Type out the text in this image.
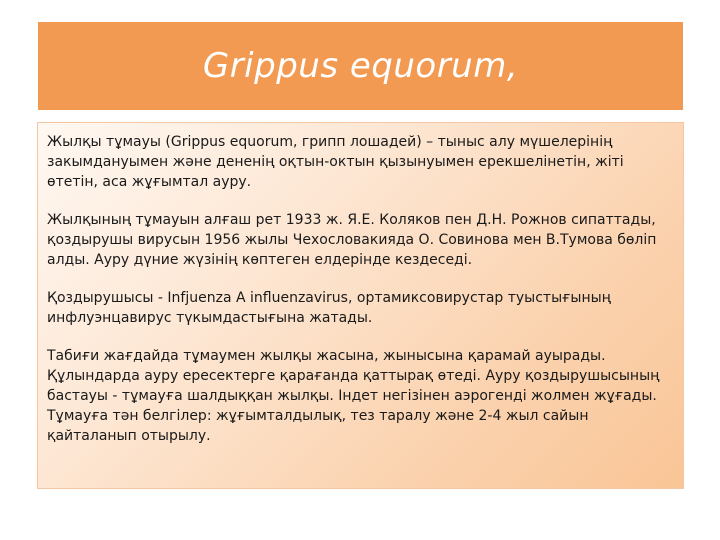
Grippus equorum,

Жылқы тұмауы (Grippus equorum, грипп лошадей) – тыныс алу мүшелерінің закымдануымен және дененің оқтын-октын қызынуымен ерекшелінетін, жіті өтетін, аса жұғымтал ауру.

Жылқының тұмауын алғаш рет 1933 ж. Я.Е. Коляков пен Д.Н. Рожнов сипаттады, қоздырушы вирусын 1956 жылы Чехословакияда О. Совинова мен В.Тумова бөліп алды. Ауру дүние жүзінің көптеген елдерінде кездеседі.

Қоздырушысы - Infjuenza A influenzavirus, ортамиксовирустар туыстығының инфлуэнцавирус түкымдастығына жатады.

Табиғи жағдайда тұмаумен жылқы жасына, жынысына қарамай ауырады. Құлындарда ауру ересектерге қарағанда қаттырақ өтеді. Ауру қоздырушысының бастауы - тұмауға шалдыққан жылқы. Індет негізінен аэрогенді жолмен жұғады. Тұмауға тән белгілер: жұғымталдылық, тез таралу және 2-4 жыл сайын қайталанып отырылу.
